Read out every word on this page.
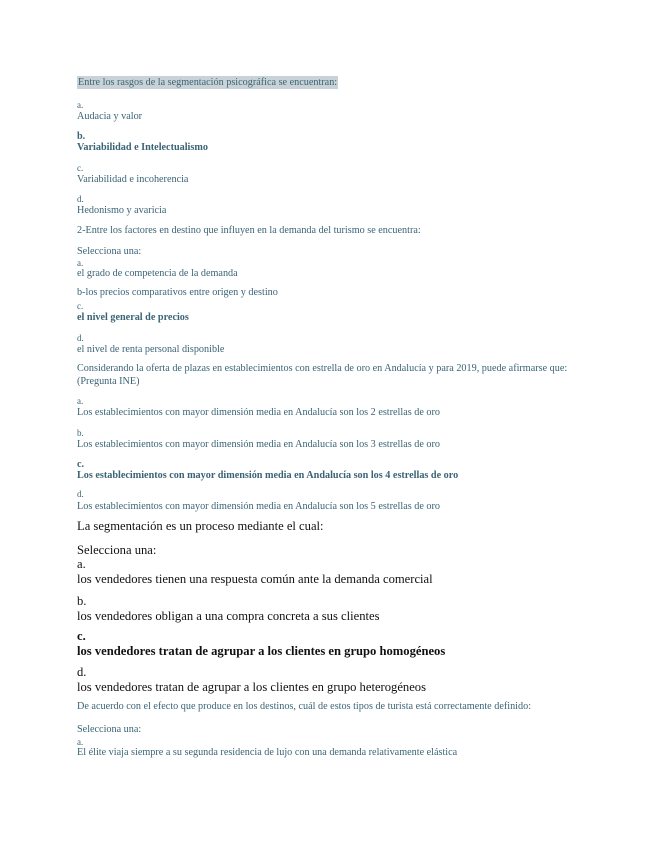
Entre los rasgos de la segmentación psicográfica se encuentran:
a.
Audacia y valor
b.
Variabilidad e Intelectualismo
c.
Variabilidad e incoherencia
d.
Hedonismo y avaricia
2-Entre los factores en destino que influyen en la demanda del turismo se encuentra:
Selecciona una:
a.
el grado de competencia de la demanda
b-los precios comparativos entre origen y destino
c.
el nivel general de precios
d.
el nivel de renta personal disponible
Considerando la oferta de plazas en establecimientos con estrella de oro en Andalucía y para 2019, puede afirmarse que:(Pregunta INE)
a.
Los establecimientos con mayor dimensión media en Andalucía son los 2 estrellas de oro
b.
Los establecimientos con mayor dimensión media en Andalucía son los 3 estrellas de oro
c.
Los establecimientos con mayor dimensión media en Andalucía son los 4 estrellas de oro
d.
Los establecimientos con mayor dimensión media en Andalucía son los 5 estrellas de oro
La segmentación es un proceso mediante el cual:
Selecciona una:
a.
los vendedores tienen una respuesta común ante la demanda comercial
b.
los vendedores obligan a una compra concreta a sus clientes
c.
los vendedores tratan de agrupar a los clientes en grupo homogéneos
d.
los vendedores tratan de agrupar a los clientes en grupo heterogéneos
De acuerdo con el efecto que produce en los destinos, cuál de estos tipos de turista está correctamente definido:
Selecciona una:
a.
El élite viaja siempre a su segunda residencia de lujo con una demanda relativamente elástica
